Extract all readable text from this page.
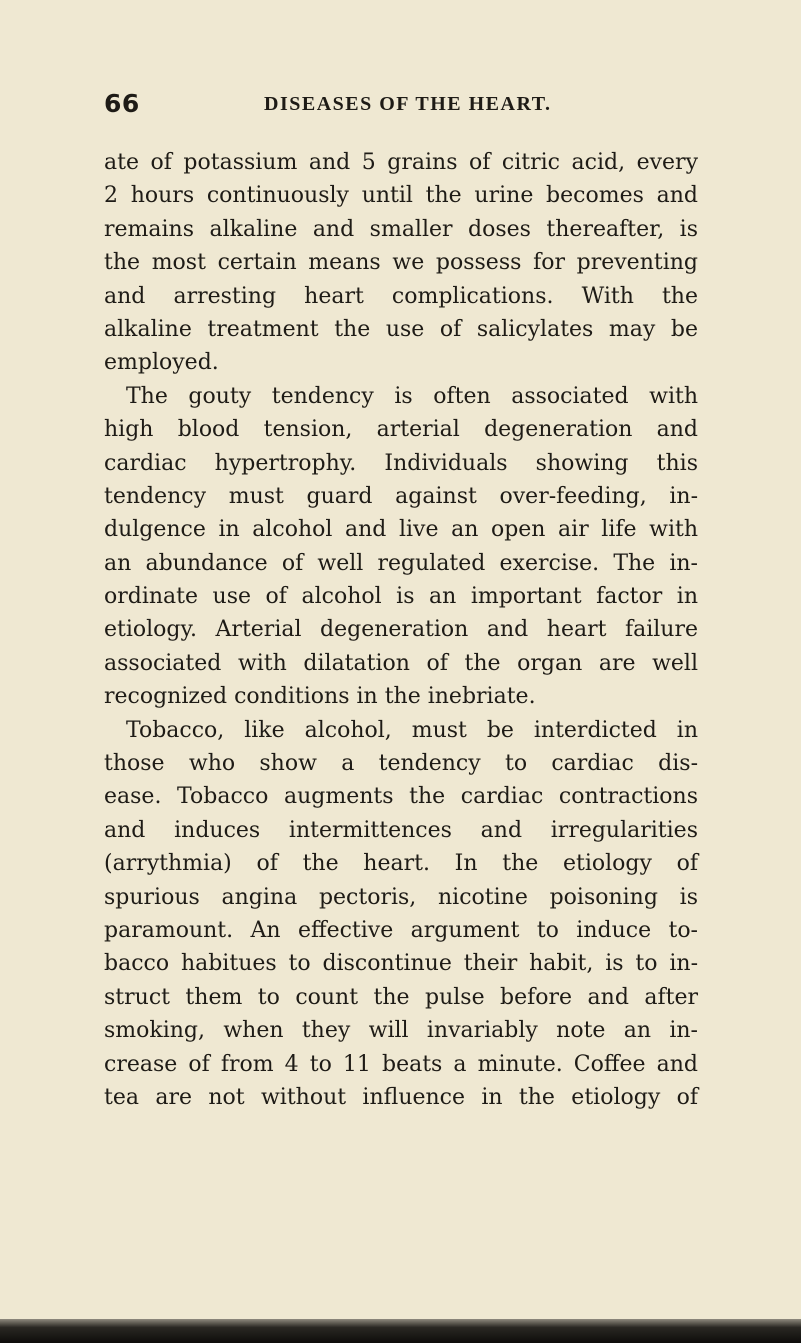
66	DISEASES OF THE HEART.
ate of potassium and 5 grains of citric acid, every
2 hours continuously until the urine becomes and
remains alkaline and smaller doses thereafter, is
the most certain means we possess for preventing
and arresting heart complications. With the
alkaline treatment the use of salicylates may be
employed.
The gouty tendency is often associated with
high blood tension, arterial degeneration and
cardiac hypertrophy. Individuals showing this
tendency must guard against over-feeding, in-
dulgence in alcohol and live an open air life with
an abundance of well regulated exercise. The in-
ordinate use of alcohol is an important factor in
etiology. Arterial degeneration and heart failure
associated with dilatation of the organ are well
recognized conditions in the inebriate.
Tobacco, like alcohol, must be interdicted in
those who show a tendency to cardiac dis-
ease. Tobacco augments the cardiac contractions
and induces intermittences and irregularities
(arrythmia) of the heart. In the etiology of
spurious angina pectoris, nicotine poisoning is
paramount. An effective argument to induce to-
bacco habitues to discontinue their habit, is to in-
struct them to count the pulse before and after
smoking, when they will invariably note an in-
crease of from 4 to 11 beats a minute. Coffee and
tea are not without influence in the etiology of
